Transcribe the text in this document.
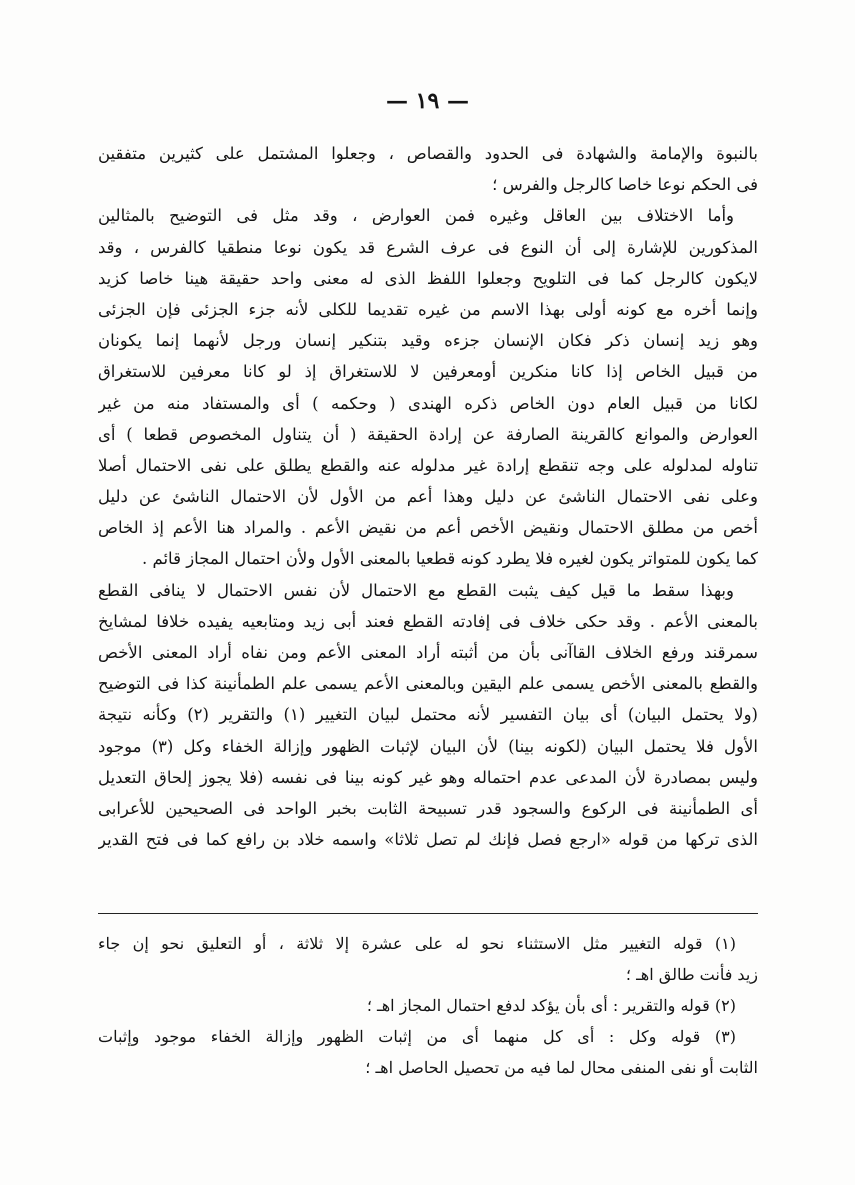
— ١٩ —
بالنبوة والإمامة والشهادة فى الحدود والقصاص ، وجعلوا المشتمل على كثيرين متفقين
فى الحكم نوعا خاصا كالرجل والفرس ؛
وأما الاختلاف بين العاقل وغيره فمن العوارض ، وقد مثل فى التوضيح بالمثالين
المذكورين للإشارة إلى أن النوع فى عرف الشرع قد يكون نوعا منطقيا كالفرس ، وقد
لايكون كالرجل كما فى التلويح وجعلوا اللفظ الذى له معنى واحد حقيقة هينا خاصا كزيد
وإنما أخره مع كونه أولى بهذا الاسم من غيره تقديما للكلى لأنه جزء الجزئى فإن الجزئى
وهو زيد إنسان ذكر فكان الإنسان جزءه وقيد بتنكير إنسان ورجل لأنهما إنما يكونان
من قبيل الخاص إذا كانا منكرين أومعرفين لا للاستغراق إذ لو كانا معرفين للاستغراق
لكانا من قبيل العام دون الخاص ذكره الهندى ( وحكمه ) أى والمستفاد منه من غير
العوارض والموانع كالقرينة الصارفة عن إرادة الحقيقة ( أن يتناول المخصوص قطعا ) أى
تناوله لمدلوله على وجه تنقطع إرادة غير مدلوله عنه والقطع يطلق على نفى الاحتمال أصلا
وعلى نفى الاحتمال الناشئ عن دليل وهذا أعم من الأول لأن الاحتمال الناشئ عن دليل
أخص من مطلق الاحتمال ونقيض الأخص أعم من نقيض الأعم . والمراد هنا الأعم إذ الخاص
كما يكون للمتواتر يكون لغيره فلا يطرد كونه قطعيا بالمعنى الأول ولأن احتمال المجاز قائم .
وبهذا سقط ما قيل كيف يثبت القطع مع الاحتمال لأن نفس الاحتمال لا ينافى القطع
بالمعنى الأعم . وقد حكى خلاف فى إفادته القطع فعند أبى زيد ومتابعيه يفيده خلافا لمشايخ
سمرقند ورفع الخلاف القاآنى بأن من أثبته أراد المعنى الأعم ومن نفاه أراد المعنى الأخص
والقطع بالمعنى الأخص يسمى علم اليقين وبالمعنى الأعم يسمى علم الطمأنينة كذا فى التوضيح
(ولا يحتمل البيان) أى بيان التفسير لأنه محتمل لبيان التغيير (١) والتقرير (٢) وكأنه نتيجة
الأول فلا يحتمل البيان (لكونه بينا) لأن البيان لإثبات الظهور وإزالة الخفاء وكل (٣) موجود
وليس بمصادرة لأن المدعى عدم احتماله وهو غير كونه بينا فى نفسه (فلا يجوز إلحاق التعديل
أى الطمأنينة فى الركوع والسجود قدر تسبيحة الثابت بخبر الواحد فى الصحيحين للأعرابى
الذى تركها من قوله «ارجع فصل فإنك لم تصل ثلاثا» واسمه خلاد بن رافع كما فى فتح القدير
(١) قوله التغيير مثل الاستثناء نحو له على عشرة إلا ثلاثة ، أو التعليق نحو إن جاء
زيد فأنت طالق اهـ ؛
(٢) قوله والتقرير : أى بأن يؤكد لدفع احتمال المجاز اهـ ؛
(٣) قوله وكل : أى كل منهما أى من إثبات الظهور وإزالة الخفاء موجود وإثبات
الثابت أو نفى المنفى محال لما فيه من تحصيل الحاصل اهـ ؛
